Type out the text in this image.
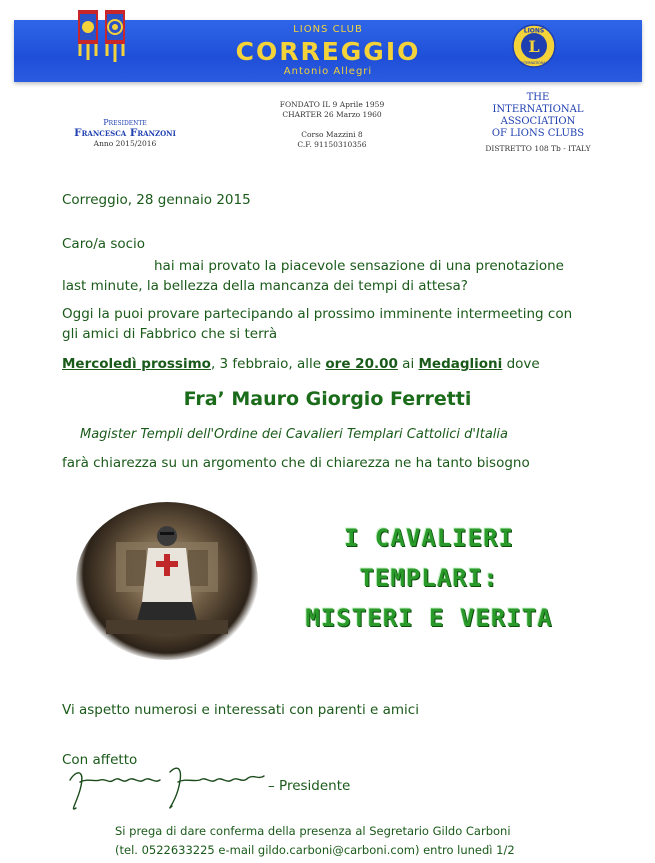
LIONS CLUB
CORREGGIO
Antonio Allegri
L
LIONS
INTERNATIONAL
Presidente
Francesca Franzoni
Anno 2015/2016
FONDATO IL 9 Aprile 1959
CHARTER 26 Marzo 1960
Corso Mazzini 8
C.F. 91150310356
THE
INTERNATIONAL
ASSOCIATION
OF LIONS CLUBS
DISTRETTO 108 Tb - ITALY
Correggio, 28 gennaio 2015
Caro/a socio
hai mai provato la piacevole sensazione di una prenotazione
last minute, la bellezza della mancanza dei tempi di attesa?
Oggi la puoi provare partecipando al prossimo imminente intermeeting con
gli amici di Fabbrico che si terrà
Mercoledì prossimo, 3 febbraio, alle ore 20.00 ai Medaglioni dove
Fra’ Mauro Giorgio Ferretti
Magister Templi dell'Ordine dei Cavalieri Templari Cattolici d'Italia
farà chiarezza su un argomento che di chiarezza ne ha tanto bisogno
I CAVALIERI
TEMPLARI:
MISTERI E VERITA
Vi aspetto numerosi e interessati con parenti e amici
Con affetto
– Presidente
Si prega di dare conferma della presenza al Segretario Gildo Carboni
(tel. 0522633225 e-mail gildo.carboni@carboni.com) entro lunedì 1/2
